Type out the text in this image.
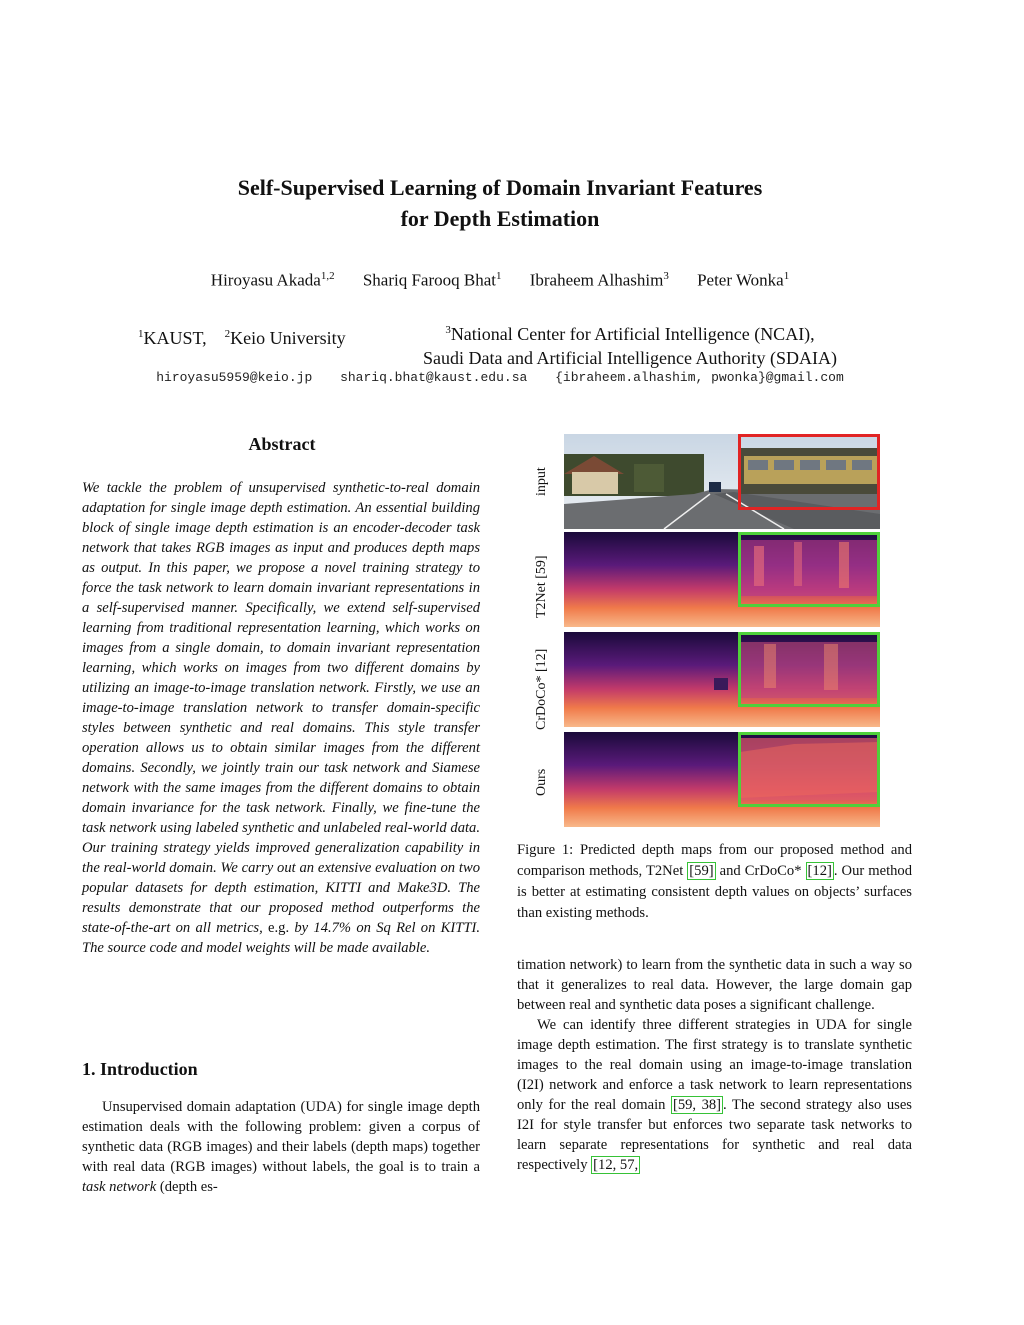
Self-Supervised Learning of Domain Invariant Features
for Depth Estimation
Hiroyasu Akada$^{1,2}$ Shariq Farooq Bhat$^1$ Ibraheem Alhashim$^3$ Peter Wonka$^1$
$^1$KAUST, $^2$Keio University	$^3$National Center for Artificial Intelligence (NCAI),
Saudi Data and Artificial Intelligence Authority (SDAIA)
hiroyasu5959@keio.jp shariq.bhat@kaust.edu.sa {ibraheem.alhashim, pwonka}@gmail.com
Abstract
We tackle the problem of unsupervised synthetic-to-real domain adaptation for single image depth estimation. An essential building block of single image depth estimation is an encoder-decoder task network that takes RGB images as input and produces depth maps as output. In this paper, we propose a novel training strategy to force the task network to learn domain invariant representations in a self-supervised manner. Specifically, we extend self-supervised learning from traditional representation learning, which works on images from a single domain, to domain invariant representation learning, which works on images from two different domains by utilizing an image-to-image translation network. Firstly, we use an image-to-image translation network to transfer domain-specific styles between synthetic and real domains. This style transfer operation allows us to obtain similar images from the different domains. Secondly, we jointly train our task network and Siamese network with the same images from the different domains to obtain domain invariance for the task network. Finally, we fine-tune the task network using labeled synthetic and unlabeled real-world data. Our training strategy yields improved generalization capability in the real-world domain. We carry out an extensive evaluation on two popular datasets for depth estimation, KITTI and Make3D. The results demonstrate that our proposed method outperforms the state-of-the-art on all metrics, e.g. by 14.7% on Sq Rel on KITTI. The source code and model weights will be made available.
1. Introduction
Unsupervised domain adaptation (UDA) for single image depth estimation deals with the following problem: given a corpus of synthetic data (RGB images) and their labels (depth maps) together with real data (RGB images) without labels, the goal is to train a task network (depth es-
input
T2Net [59]
CrDoCo* [12]
Ours
Figure 1: Predicted depth maps from our proposed method and comparison methods, T2Net [59] and CrDoCo* [12] . Our method is better at estimating consistent depth values on objects’ surfaces than existing methods.

timation network) to learn from the synthetic data in such a way so that it generalizes to real data. However, the large domain gap between real and synthetic data poses a significant challenge.

We can identify three different strategies in UDA for single image depth estimation. The first strategy is to translate synthetic images to the real domain using an image-to-image translation (I2I) network and enforce a task network to learn representations only for the real domain [59, 38] . The second strategy also uses I2I for style transfer but enforces two separate task networks to learn separate representations for synthetic and real data respectively [12, 57,
